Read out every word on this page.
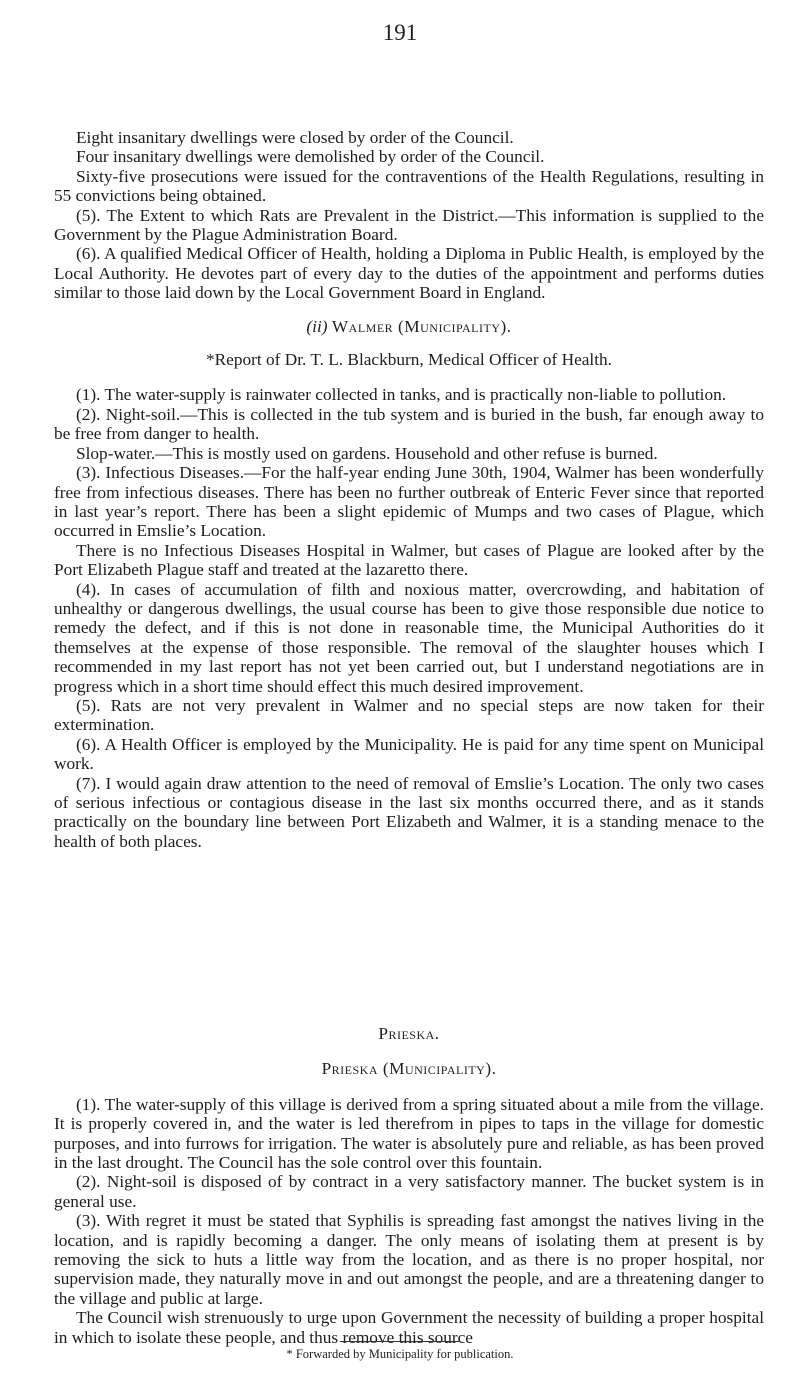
191

Eight insanitary dwellings were closed by order of the Council.

Four insanitary dwellings were demolished by order of the Council.

Sixty-five prosecutions were issued for the contraventions of the Health Regulations, resulting in 55 convictions being obtained.

(5). The Extent to which Rats are Prevalent in the District.—This information is supplied to the Government by the Plague Administration Board.

(6). A qualified Medical Officer of Health, holding a Diploma in Public Health, is employed by the Local Authority. He devotes part of every day to the duties of the appointment and performs duties similar to those laid down by the Local Government Board in England.

(ii) Walmer (Municipality).

*Report of Dr. T. L. Blackburn, Medical Officer of Health.

(1). The water-supply is rainwater collected in tanks, and is practically non-liable to pollution.

(2). Night-soil.—This is collected in the tub system and is buried in the bush, far enough away to be free from danger to health.

Slop-water.—This is mostly used on gardens. Household and other refuse is burned.

(3). Infectious Diseases.—For the half-year ending June 30th, 1904, Walmer has been wonderfully free from infectious diseases. There has been no further outbreak of Enteric Fever since that reported in last year’s report. There has been a slight epidemic of Mumps and two cases of Plague, which occurred in Emslie’s Location.

There is no Infectious Diseases Hospital in Walmer, but cases of Plague are looked after by the Port Elizabeth Plague staff and treated at the lazaretto there.

(4). In cases of accumulation of filth and noxious matter, overcrowding, and habitation of unhealthy or dangerous dwellings, the usual course has been to give those responsible due notice to remedy the defect, and if this is not done in reasonable time, the Municipal Authorities do it themselves at the expense of those responsible. The removal of the slaughter houses which I recommended in my last report has not yet been carried out, but I understand negotiations are in progress which in a short time should effect this much desired improvement.

(5). Rats are not very prevalent in Walmer and no special steps are now taken for their extermination.

(6). A Health Officer is employed by the Municipality. He is paid for any time spent on Municipal work.

(7). I would again draw attention to the need of removal of Emslie’s Location. The only two cases of serious infectious or contagious disease in the last six months occurred there, and as it stands practically on the boundary line between Port Elizabeth and Walmer, it is a standing menace to the health of both places.

Prieska.

Prieska (Municipality).

(1). The water-supply of this village is derived from a spring situated about a mile from the village. It is properly covered in, and the water is led therefrom in pipes to taps in the village for domestic purposes, and into furrows for irrigation. The water is absolutely pure and reliable, as has been proved in the last drought. The Council has the sole control over this fountain.

(2). Night-soil is disposed of by contract in a very satisfactory manner. The bucket system is in general use.

(3). With regret it must be stated that Syphilis is spreading fast amongst the natives living in the location, and is rapidly becoming a danger. The only means of isolating them at present is by removing the sick to huts a little way from the location, and as there is no proper hospital, nor supervision made, they naturally move in and out amongst the people, and are a threatening danger to the village and public at large.

The Council wish strenuously to urge upon Government the necessity of building a proper hospital in which to isolate these people, and thus remove this source

* Forwarded by Municipality for publication.
